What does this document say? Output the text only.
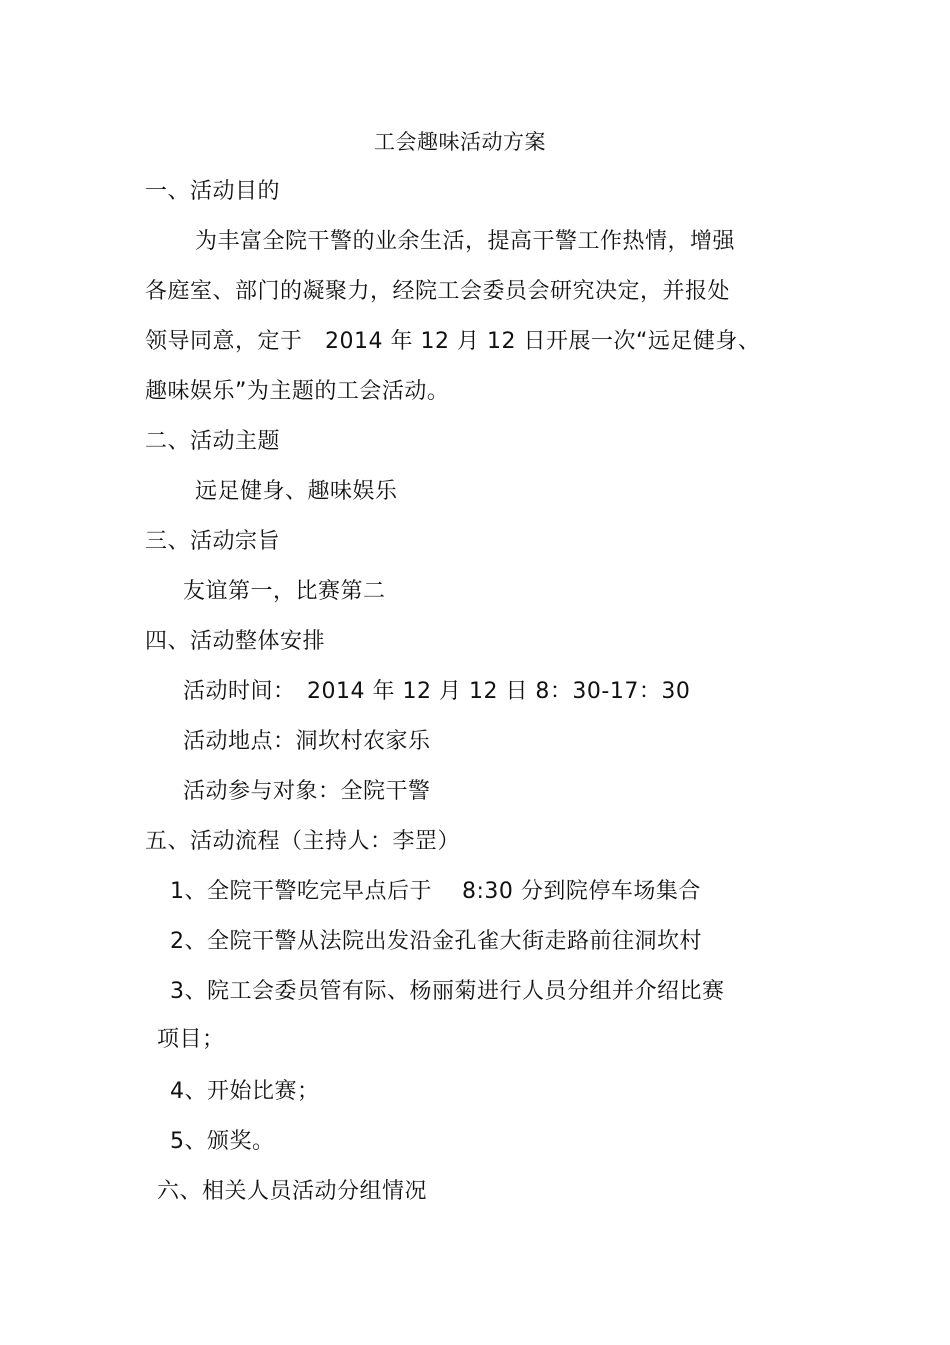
工会趣味活动方案
一、活动目的
为丰富全院干警的业余生活，提高干警工作热情，增强
各庭室、部门的凝聚力，经院工会委员会研究决定，并报处
领导同意，定于　2014 年 12 月 12 日开展一次“远足健身、
趣味娱乐”为主题的工会活动。
二、活动主题
远足健身、趣味娱乐
三、活动宗旨
友谊第一，比赛第二
四、活动整体安排
活动时间：　2014 年 12 月 12 日 8：30-17：30
活动地点：洞坎村农家乐
活动参与对象：全院干警
五、活动流程（主持人：李罡）
1、全院干警吃完早点后于　 8:30 分到院停车场集合
2、全院干警从法院出发沿金孔雀大街走路前往洞坎村
3、院工会委员管有际、杨丽菊进行人员分组并介绍比赛
项目；
4、开始比赛；
5、颁奖。
六、相关人员活动分组情况
